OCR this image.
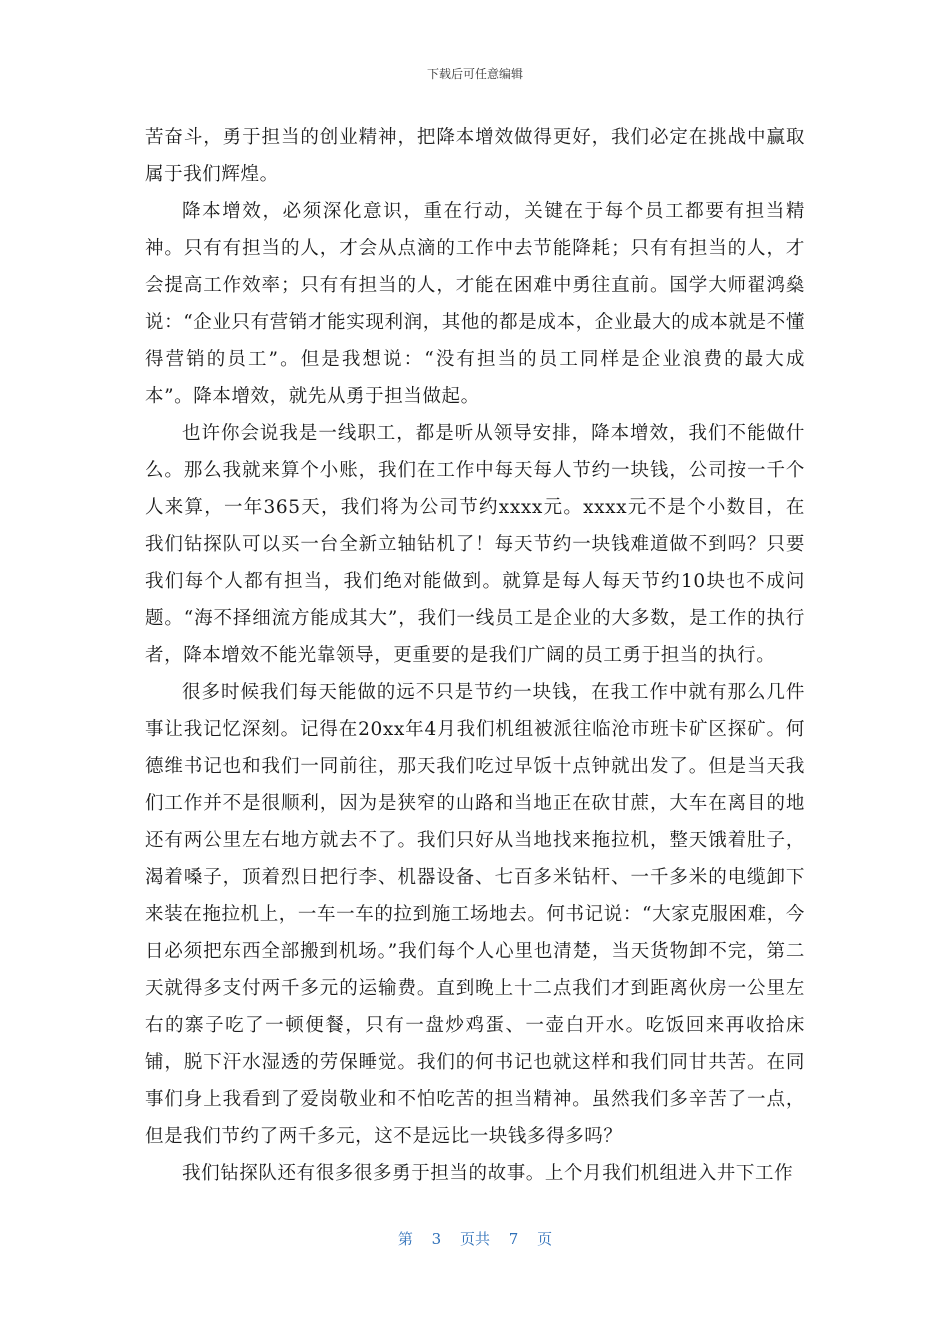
下载后可任意编辑

苦奋斗，勇于担当的创业精神，把降本增效做得更好，我们必定在挑战中赢取属于我们辉煌。

降本增效，必须深化意识，重在行动，关键在于每个员工都要有担当精神。只有有担当的人，才会从点滴的工作中去节能降耗；只有有担当的人，才会提高工作效率；只有有担当的人，才能在困难中勇往直前。国学大师翟鸿燊说：“企业只有营销才能实现利润，其他的都是成本，企业最大的成本就是不懂得营销的员工”。但是我想说：“没有担当的员工同样是企业浪费的最大成本”。降本增效，就先从勇于担当做起。

也许你会说我是一线职工，都是听从领导安排，降本增效，我们不能做什么。那么我就来算个小账，我们在工作中每天每人节约一块钱，公司按一千个人来算，一年365天，我们将为公司节约xxxx元。xxxx元不是个小数目，在我们钻探队可以买一台全新立轴钻机了！每天节约一块钱难道做不到吗？只要我们每个人都有担当，我们绝对能做到。就算是每人每天节约10块也不成问题。“海不择细流方能成其大”，我们一线员工是企业的大多数，是工作的执行者，降本增效不能光靠领导，更重要的是我们广阔的员工勇于担当的执行。

很多时候我们每天能做的远不只是节约一块钱，在我工作中就有那么几件事让我记忆深刻。记得在20xx年4月我们机组被派往临沧市班卡矿区探矿。何德维书记也和我们一同前往，那天我们吃过早饭十点钟就出发了。但是当天我们工作并不是很顺利，因为是狭窄的山路和当地正在砍甘蔗，大车在离目的地还有两公里左右地方就去不了。我们只好从当地找来拖拉机，整天饿着肚子，渴着嗓子，顶着烈日把行李、机器设备、七百多米钻杆、一千多米的电缆卸下来装在拖拉机上，一车一车的拉到施工场地去。何书记说：“大家克服困难，今日必须把东西全部搬到机场。”我们每个人心里也清楚，当天货物卸不完，第二天就得多支付两千多元的运输费。直到晚上十二点我们才到距离伙房一公里左右的寨子吃了一顿便餐，只有一盘炒鸡蛋、一壶白开水。吃饭回来再收拾床铺，脱下汗水湿透的劳保睡觉。我们的何书记也就这样和我们同甘共苦。在同事们身上我看到了爱岗敬业和不怕吃苦的担当精神。虽然我们多辛苦了一点，但是我们节约了两千多元，这不是远比一块钱多得多吗？

我们钻探队还有很多很多勇于担当的故事。上个月我们机组进入井下工作

第 3 页共 7 页
